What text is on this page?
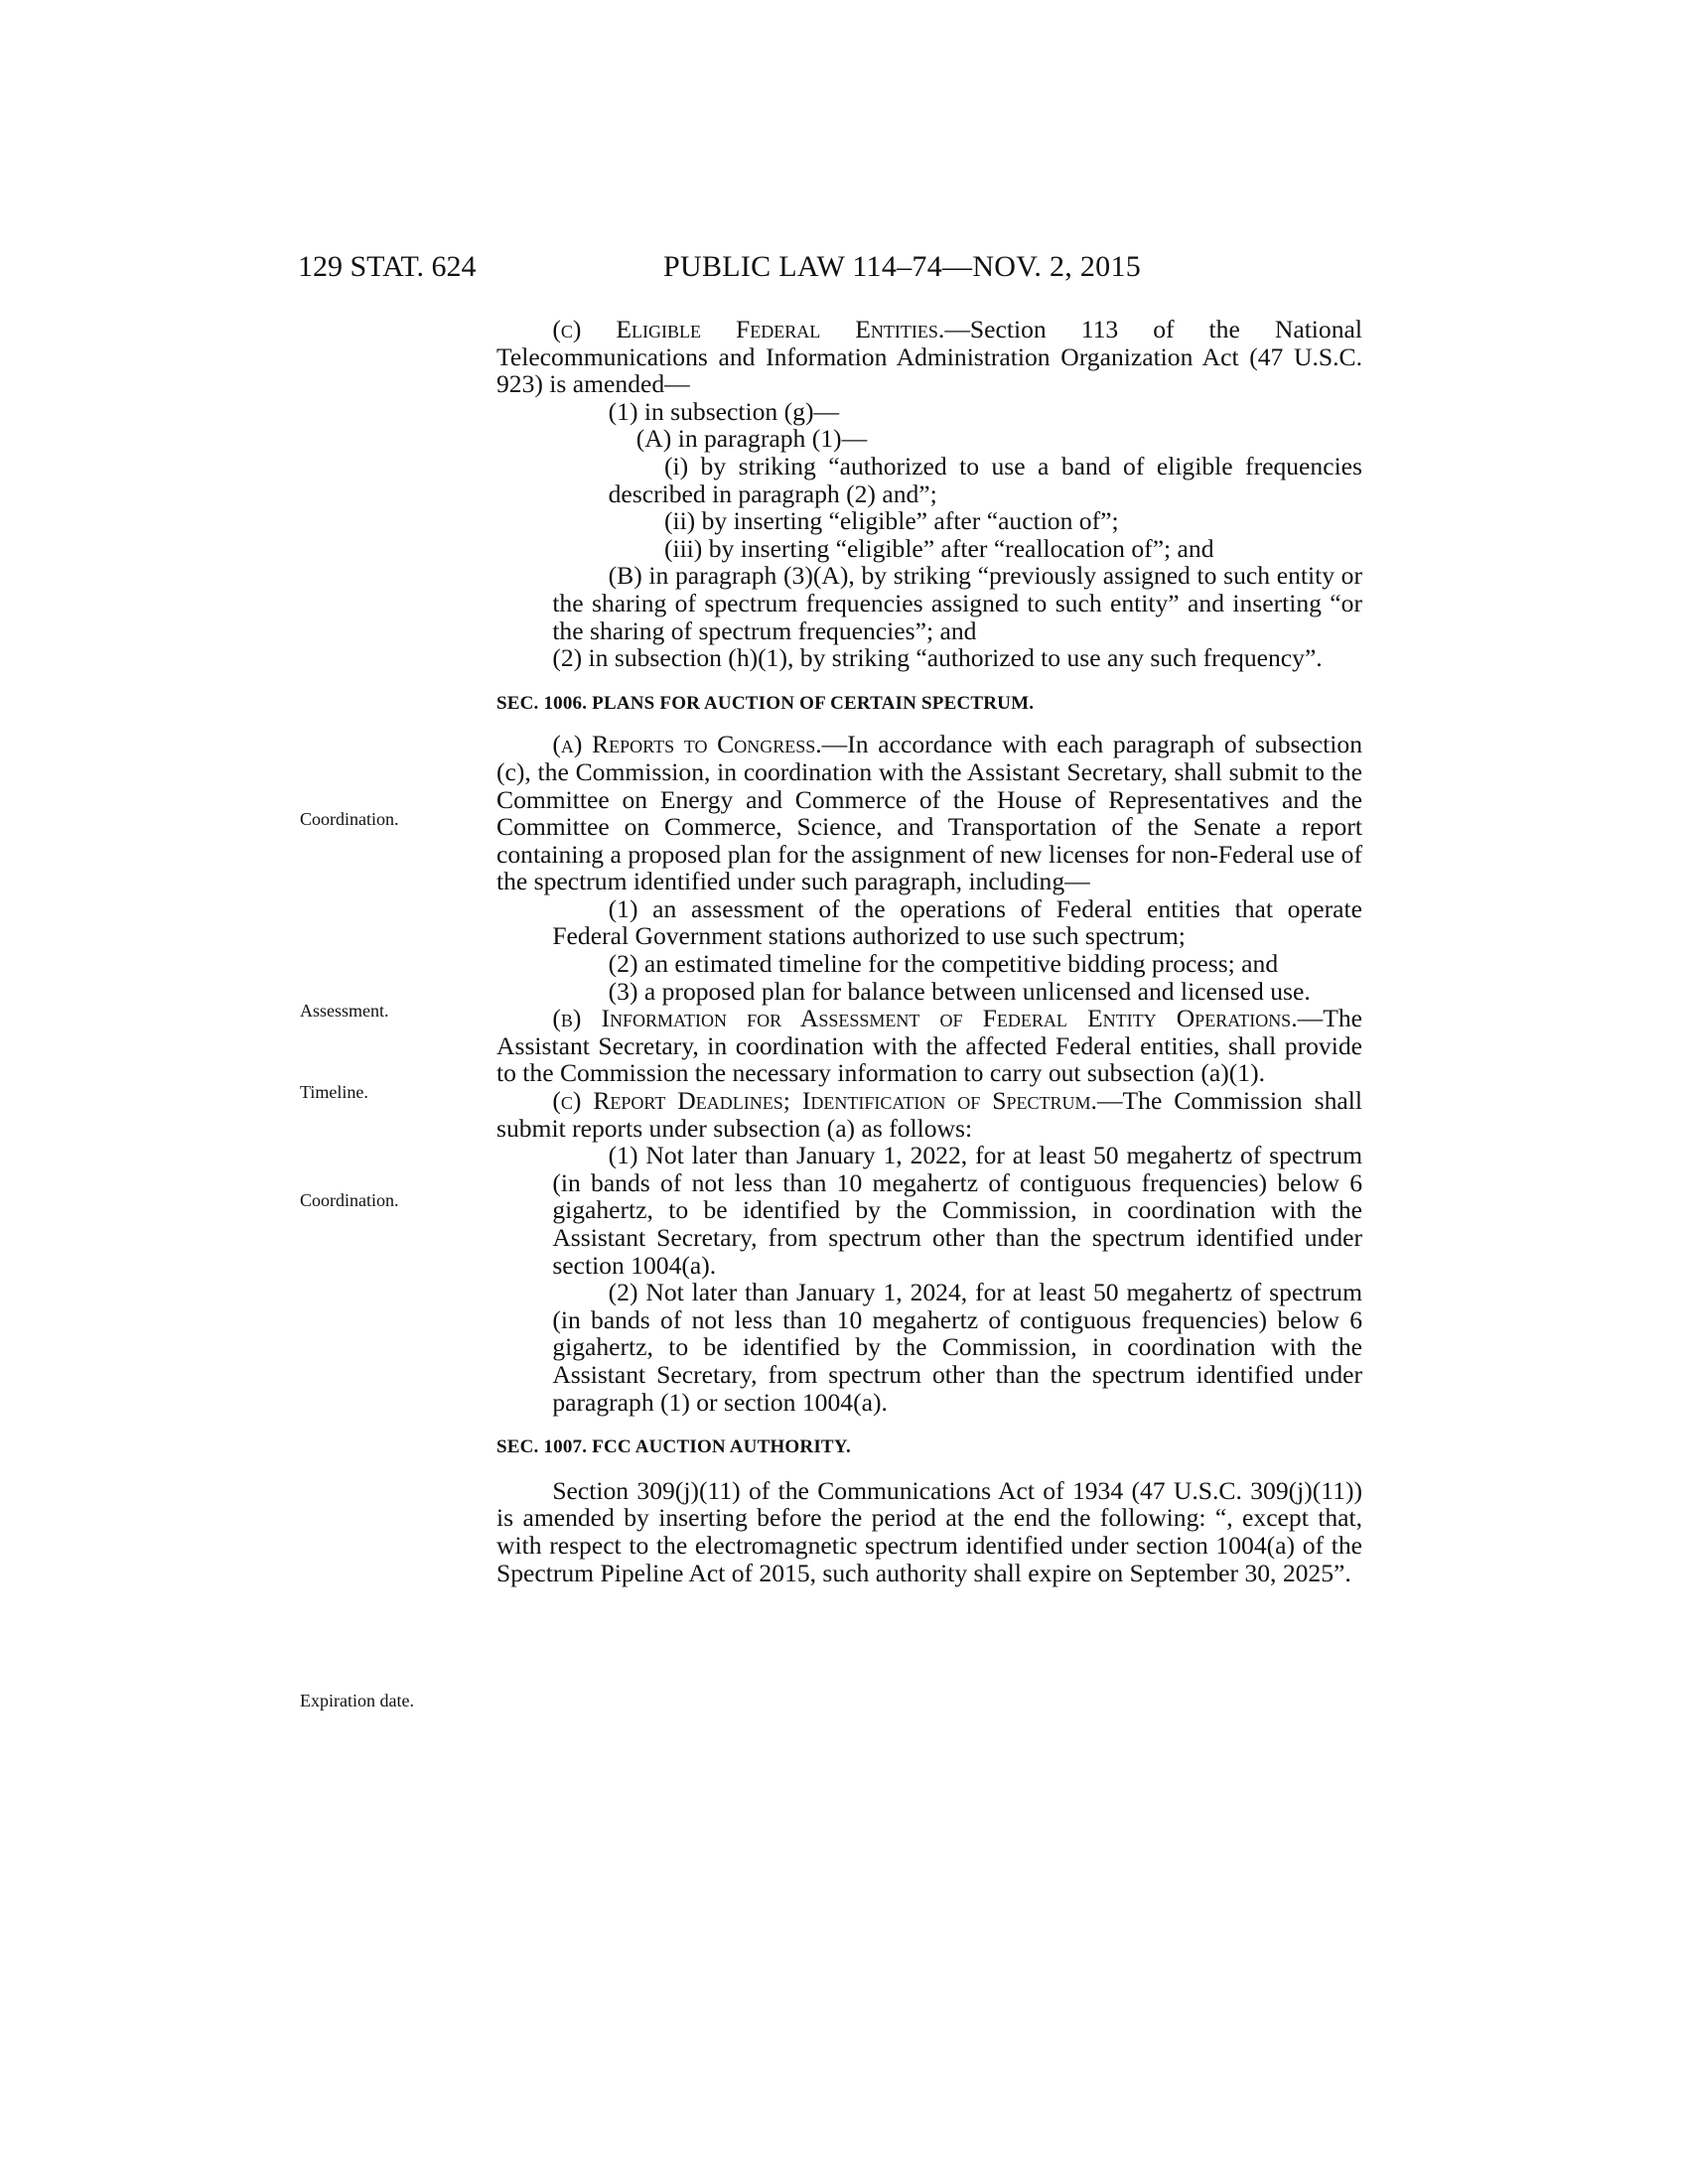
129 STAT. 624	PUBLIC LAW 114–74—NOV. 2, 2015
Coordination.
Assessment.
Timeline.
Coordination.
Expiration date.

(c) Eligible Federal Entities.—Section 113 of the National Telecommunications and Information Administration Organization Act (47 U.S.C. 923) is amended—

(1) in subsection (g)—

(A) in paragraph (1)—

(i) by striking “authorized to use a band of eligible frequencies described in paragraph (2) and”;

(ii) by inserting “eligible” after “auction of”;

(iii) by inserting “eligible” after “reallocation of”; and

(B) in paragraph (3)(A), by striking “previously assigned to such entity or the sharing of spectrum frequencies assigned to such entity” and inserting “or the sharing of spectrum frequencies”; and

(2) in subsection (h)(1), by striking “authorized to use any such frequency”.

SEC. 1006. PLANS FOR AUCTION OF CERTAIN SPECTRUM.

(a) Reports to Congress.—In accordance with each paragraph of subsection (c), the Commission, in coordination with the Assistant Secretary, shall submit to the Committee on Energy and Commerce of the House of Representatives and the Committee on Commerce, Science, and Transportation of the Senate a report containing a proposed plan for the assignment of new licenses for non-Federal use of the spectrum identified under such paragraph, including—

(1) an assessment of the operations of Federal entities that operate Federal Government stations authorized to use such spectrum;

(2) an estimated timeline for the competitive bidding process; and

(3) a proposed plan for balance between unlicensed and licensed use.

(b) Information for Assessment of Federal Entity Operations.—The Assistant Secretary, in coordination with the affected Federal entities, shall provide to the Commission the necessary information to carry out subsection (a)(1).

(c) Report Deadlines; Identification of Spectrum.—The Commission shall submit reports under subsection (a) as follows:

(1) Not later than January 1, 2022, for at least 50 megahertz of spectrum (in bands of not less than 10 megahertz of contiguous frequencies) below 6 gigahertz, to be identified by the Commission, in coordination with the Assistant Secretary, from spectrum other than the spectrum identified under section 1004(a).

(2) Not later than January 1, 2024, for at least 50 megahertz of spectrum (in bands of not less than 10 megahertz of contiguous frequencies) below 6 gigahertz, to be identified by the Commission, in coordination with the Assistant Secretary, from spectrum other than the spectrum identified under paragraph (1) or section 1004(a).

SEC. 1007. FCC AUCTION AUTHORITY.

Section 309(j)(11) of the Communications Act of 1934 (47 U.S.C. 309(j)(11)) is amended by inserting before the period at the end the following: “, except that, with respect to the electromagnetic spectrum identified under section 1004(a) of the Spectrum Pipeline Act of 2015, such authority shall expire on September 30, 2025”.
